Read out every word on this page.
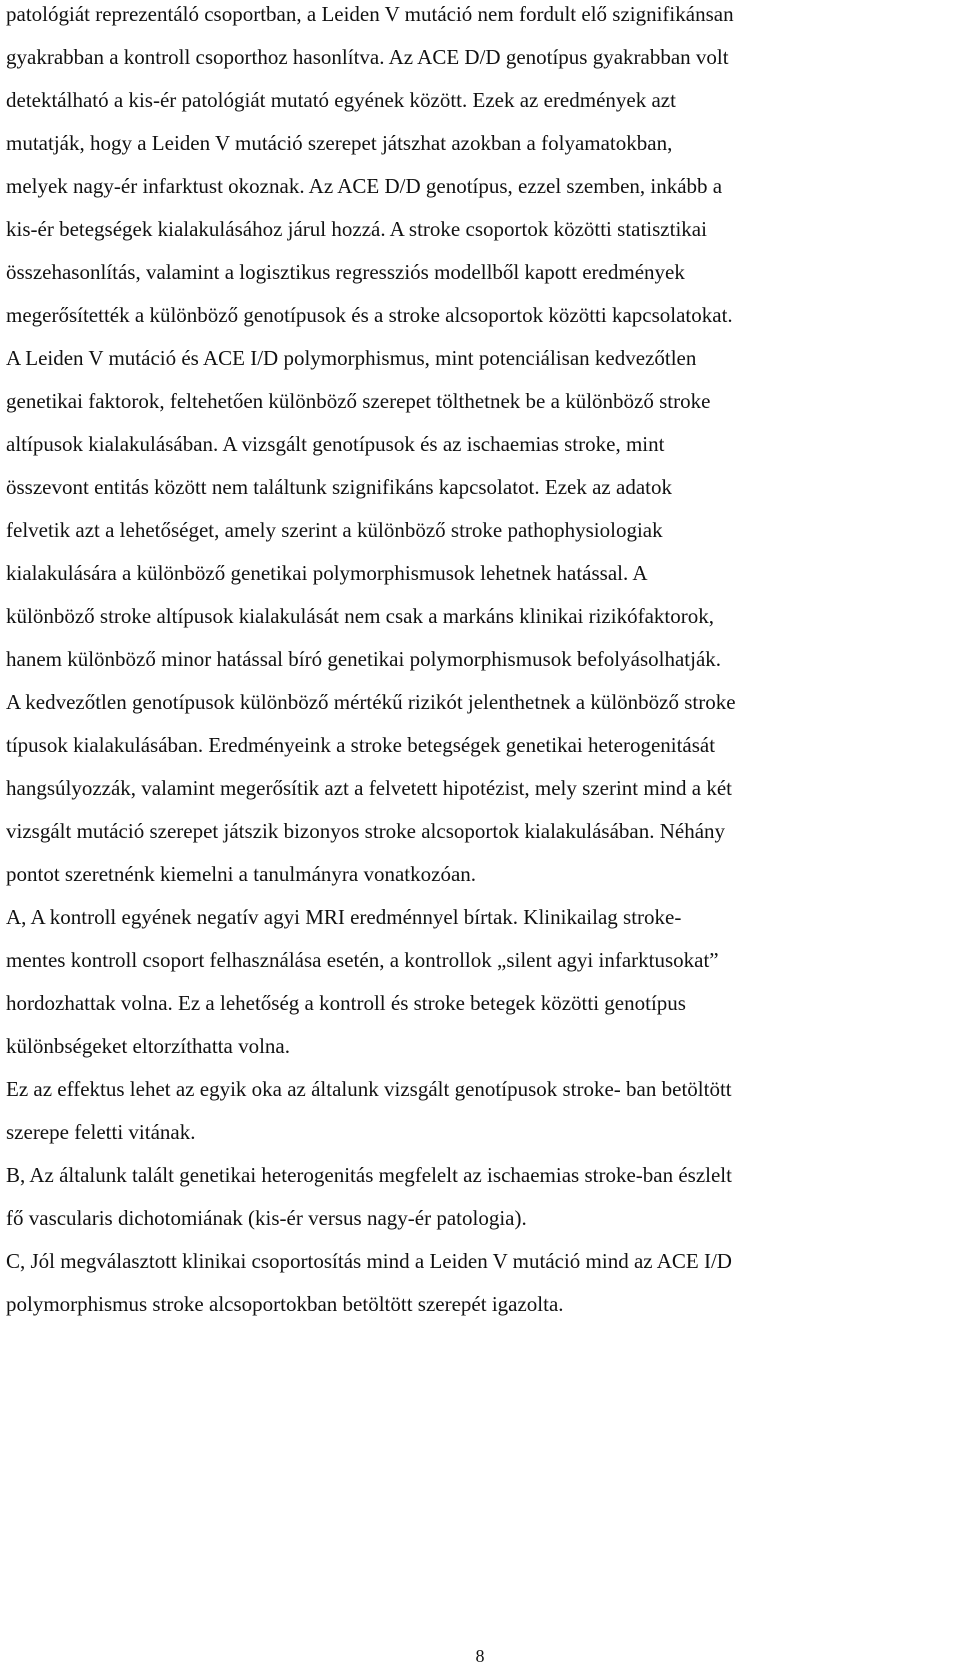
patológiát reprezentáló csoportban, a Leiden V mutáció nem fordult elő szignifikánsan
gyakrabban a kontroll csoporthoz hasonlítva. Az ACE D/D genotípus gyakrabban volt
detektálható a kis-ér patológiát mutató egyének között. Ezek az eredmények azt
mutatják, hogy a Leiden V mutáció szerepet játszhat azokban a folyamatokban,
melyek nagy-ér infarktust okoznak. Az ACE D/D genotípus, ezzel szemben, inkább a
kis-ér betegségek kialakulásához járul hozzá. A stroke csoportok közötti statisztikai
összehasonlítás, valamint a logisztikus regressziós modellből kapott eredmények
megerősítették a különböző genotípusok és a stroke alcsoportok közötti kapcsolatokat.
A Leiden V mutáció és ACE I/D polymorphismus, mint potenciálisan kedvezőtlen
genetikai faktorok, feltehetően különböző szerepet tölthetnek be a különböző stroke
altípusok kialakulásában. A vizsgált genotípusok és az ischaemias stroke, mint
összevont entitás között nem találtunk szignifikáns kapcsolatot. Ezek az adatok
felvetik azt a lehetőséget, amely szerint a különböző stroke pathophysiologiak
kialakulására a különböző genetikai polymorphismusok lehetnek hatással. A
különböző stroke altípusok kialakulását nem csak a markáns klinikai rizikófaktorok,
hanem különböző minor hatással bíró genetikai polymorphismusok befolyásolhatják.
A kedvezőtlen genotípusok különböző mértékű rizikót jelenthetnek a különböző stroke
típusok kialakulásában. Eredményeink a stroke betegségek genetikai heterogenitását
hangsúlyozzák, valamint megerősítik azt a felvetett hipotézist, mely szerint mind a két
vizsgált mutáció szerepet játszik bizonyos stroke alcsoportok kialakulásában. Néhány
pontot szeretnénk kiemelni a tanulmányra vonatkozóan.
A, A kontroll egyének negatív agyi MRI eredménnyel bírtak. Klinikailag stroke-
mentes kontroll csoport felhasználása esetén, a kontrollok „silent agyi infarktusokat”
hordozhattak volna. Ez a lehetőség a kontroll és stroke betegek közötti genotípus
különbségeket eltorzíthatta volna.
Ez az effektus lehet az egyik oka az általunk vizsgált genotípusok stroke- ban betöltött
szerepe feletti vitának.
B, Az általunk talált genetikai heterogenitás megfelelt az ischaemias stroke-ban észlelt
fő vascularis dichotomiának (kis-ér versus nagy-ér patologia).
C, Jól megválasztott klinikai csoportosítás mind a Leiden V mutáció mind az ACE I/D
polymorphismus stroke alcsoportokban betöltött szerepét igazolta.
8
